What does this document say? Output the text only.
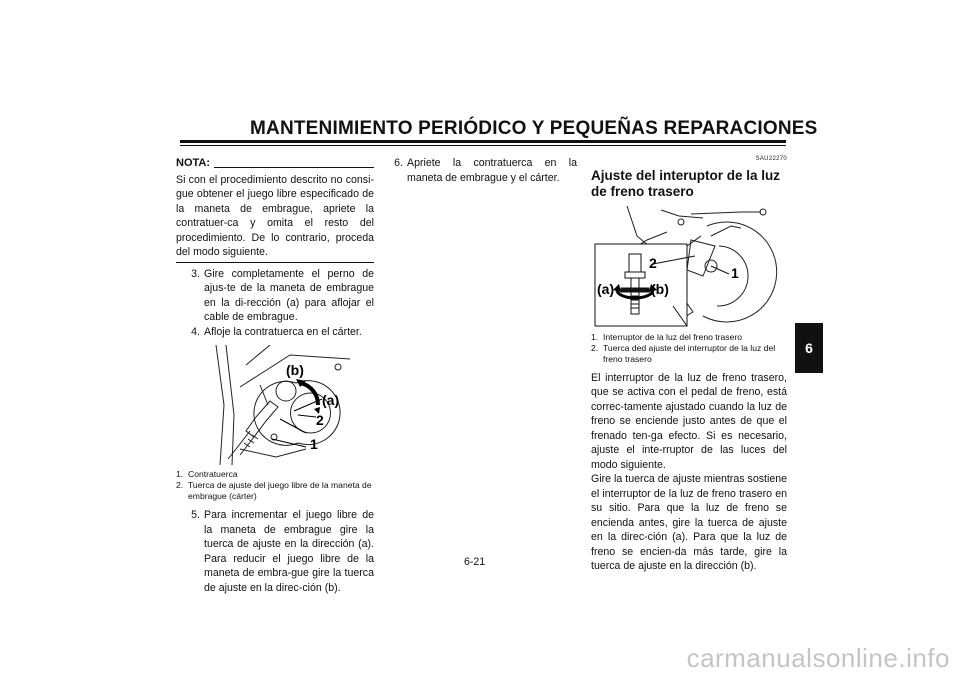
MANTENIMIENTO PERIÓDICO Y PEQUEÑAS REPARACIONES
NOTA:
Si con el procedimiento descrito no consi-gue obtener el juego libre especificado de la maneta de embrague, apriete la contratuer-ca y omita el resto del procedimiento. De lo contrario, proceda del modo siguiente.
3. Gire completamente el perno de ajus-te de la maneta de embrague en la di-rección (a) para aflojar el cable de embrague.
4. Afloje la contratuerca en el cárter.
(b)
(a)
2
1
1. Contratuerca
2. Tuerca de ajuste del juego libre de la maneta de embrague (cárter)
5. Para incrementar el juego libre de la maneta de embrague gire la tuerca de ajuste en la dirección (a). Para reducir el juego libre de la maneta de embra-gue gire la tuerca de ajuste en la direc-ción (b).
6. Apriete la contratuerca en la maneta de embrague y el cárter.
SAU22270
Ajuste del interuptor de la luz de freno trasero
(a)	(b)
2
1
1. Interruptor de la luz del freno trasero
2. Tuerca ded ajuste del interruptor de la luz del freno trasero
El interruptor de la luz de freno trasero, que se activa con el pedal de freno, está correc-tamente ajustado cuando la luz de freno se enciende justo antes de que el frenado ten-ga efecto. Si es necesario, ajuste el inte-rruptor de las luces del modo siguiente.
Gire la tuerca de ajuste mientras sostiene el interruptor de la luz de freno trasero en su sitio. Para que la luz de freno se encienda antes, gire la tuerca de ajuste en la direc-ción (a). Para que la luz de freno se encien-da más tarde, gire la tuerca de ajuste en la dirección (b).
6-21
6
carmanualsonline.info
